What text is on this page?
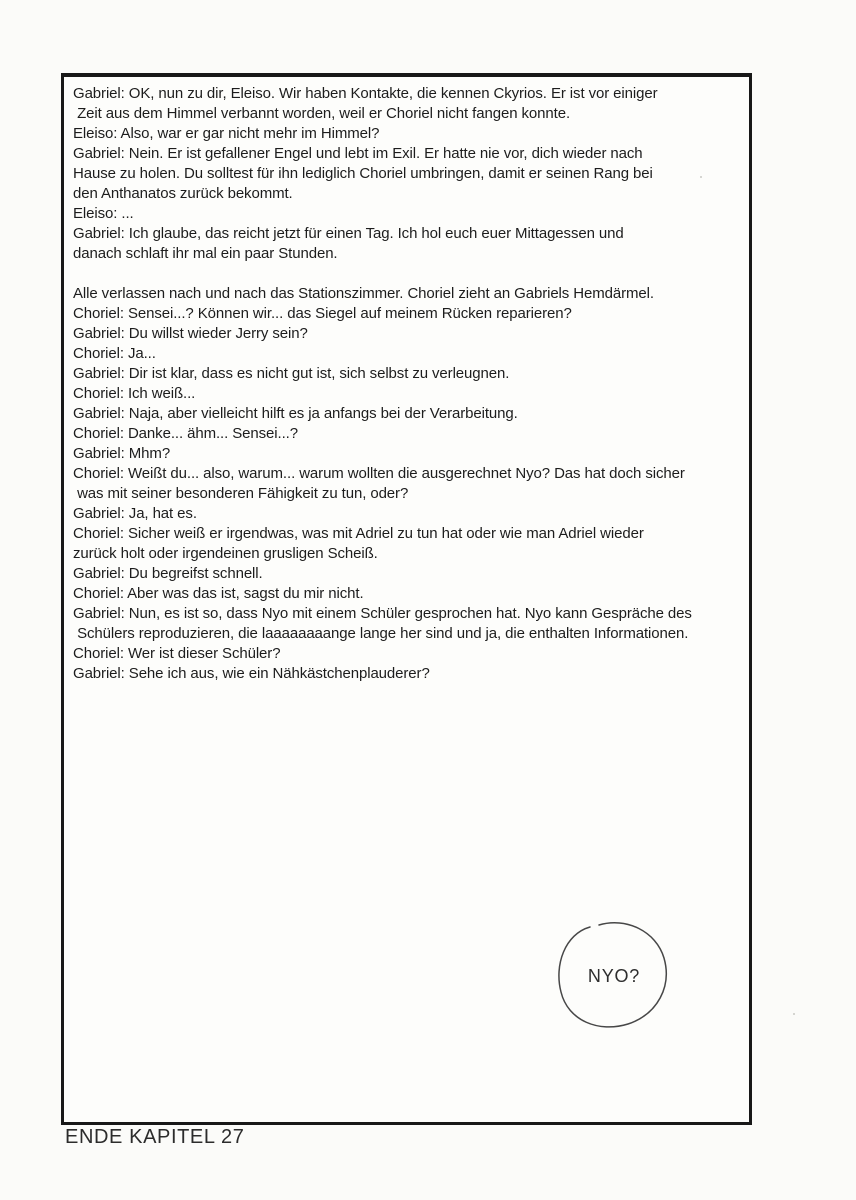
Gabriel: OK, nun zu dir, Eleiso. Wir haben Kontakte, die kennen Ckyrios. Er ist vor einiger
Zeit aus dem Himmel verbannt worden, weil er Choriel nicht fangen konnte.
Eleiso: Also, war er gar nicht mehr im Himmel?
Gabriel: Nein. Er ist gefallener Engel und lebt im Exil. Er hatte nie vor, dich wieder nach
Hause zu holen. Du solltest für ihn lediglich Choriel umbringen, damit er seinen Rang bei
den Anthanatos zurück bekommt.
Eleiso: ...
Gabriel: Ich glaube, das reicht jetzt für einen Tag. Ich hol euch euer Mittagessen und
danach schlaft ihr mal ein paar Stunden.
Alle verlassen nach und nach das Stationszimmer. Choriel zieht an Gabriels Hemdärmel.
Choriel: Sensei...? Können wir... das Siegel auf meinem Rücken reparieren?
Gabriel: Du willst wieder Jerry sein?
Choriel: Ja...
Gabriel: Dir ist klar, dass es nicht gut ist, sich selbst zu verleugnen.
Choriel: Ich weiß...
Gabriel: Naja, aber vielleicht hilft es ja anfangs bei der Verarbeitung.
Choriel: Danke... ähm... Sensei...?
Gabriel: Mhm?
Choriel: Weißt du... also, warum... warum wollten die ausgerechnet Nyo? Das hat doch sicher
was mit seiner besonderen Fähigkeit zu tun, oder?
Gabriel: Ja, hat es.
Choriel: Sicher weiß er irgendwas, was mit Adriel zu tun hat oder wie man Adriel wieder
zurück holt oder irgendeinen grusligen Scheiß.
Gabriel: Du begreifst schnell.
Choriel: Aber was das ist, sagst du mir nicht.
Gabriel: Nun, es ist so, dass Nyo mit einem Schüler gesprochen hat. Nyo kann Gespräche des
Schülers reproduzieren, die laaaaaaaange lange her sind und ja, die enthalten Informationen.
Choriel: Wer ist dieser Schüler?
Gabriel: Sehe ich aus, wie ein Nähkästchenplauderer?
NYO?
ENDE KAPITEL 27
